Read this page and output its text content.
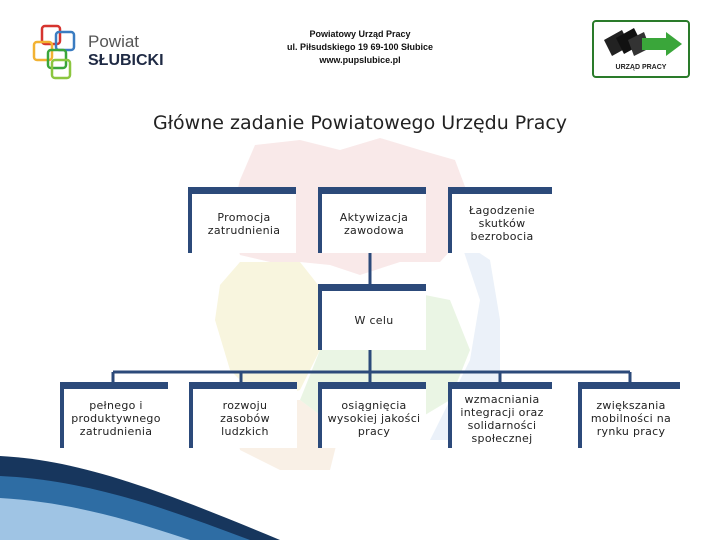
Powiat
SŁUBICKI
Powiatowy Urząd Pracy
ul. Piłsudskiego 19 69-100 Słubice
www.pupslubice.pl
URZĄD PRACY
Główne zadanie Powiatowego Urzędu Pracy
Promocja zatrudnienia
Aktywizacja zawodowa
Łagodzenie skutków bezrobocia
W celu
pełnego i produktywnego zatrudnienia
rozwoju zasobów ludzkich
osiągnięcia wysokiej jakości pracy
wzmacniania integracji oraz solidarności społecznej
zwiększania mobilności na rynku pracy
